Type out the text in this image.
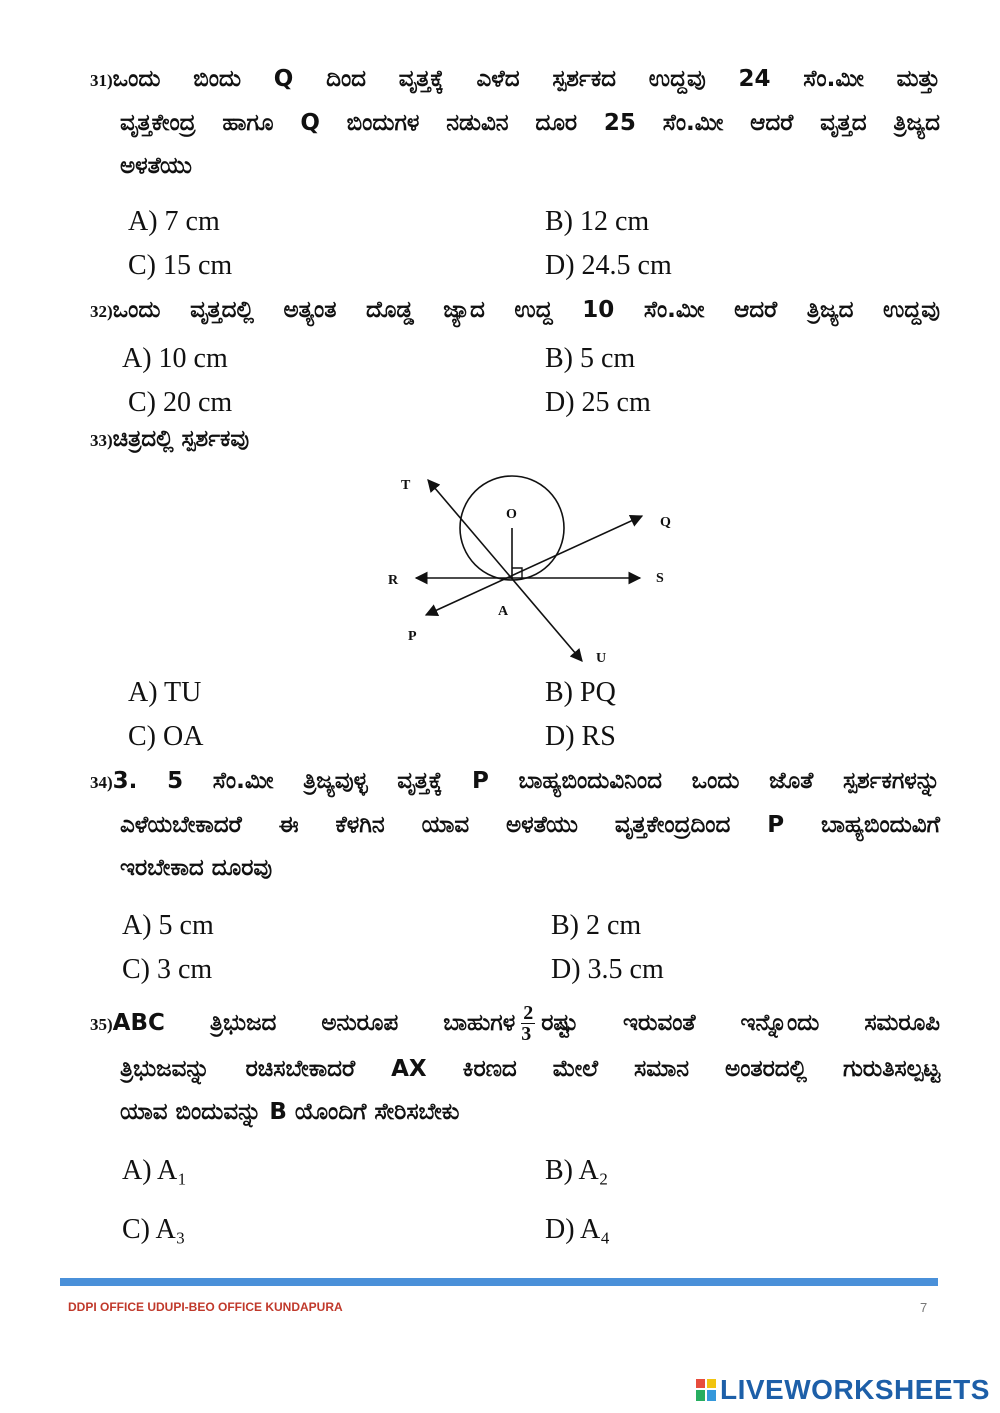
31)ಒಂದು ಬಿಂದು Q ದಿಂದ ವೃತ್ತಕ್ಕೆ ಎಳೆದ ಸ್ಪರ್ಶಕದ ಉದ್ದವು 24 ಸೆಂ.ಮೀ ಮತ್ತು
ವೃತ್ತಕೇಂದ್ರ ಹಾಗೂ Q ಬಿಂದುಗಳ ನಡುವಿನ ದೂರ 25 ಸೆಂ.ಮೀ ಆದರೆ ವೃತ್ತದ ತ್ರಿಜ್ಯದ
ಅಳತೆಯು
A) 7 cm	B) 12 cm
C) 15 cm	D) 24.5 cm
32)ಒಂದು ವೃತ್ತದಲ್ಲಿ ಅತ್ಯಂತ ದೊಡ್ಡ ಜ್ಯಾದ ಉದ್ದ 10 ಸೆಂ.ಮೀ ಆದರೆ ತ್ರಿಜ್ಯದ ಉದ್ದವು
A) 10 cm	B) 5 cm
C) 20 cm	D) 25 cm
33)ಚಿತ್ರದಲ್ಲಿ ಸ್ಪರ್ಶಕವು
T
O
Q
R	S
A
P
U
A) TU	B) PQ
C) OA	D) RS
34)3. 5 ಸೆಂ.ಮೀ ತ್ರಿಜ್ಯವುಳ್ಳ ವೃತ್ತಕ್ಕೆ P ಬಾಹ್ಯಬಿಂದುವಿನಿಂದ ಒಂದು ಜೊತೆ ಸ್ಪರ್ಶಕಗಳನ್ನು
ಎಳೆಯಬೇಕಾದರೆ ಈ ಕೆಳಗಿನ ಯಾವ ಅಳತೆಯು ವೃತ್ತಕೇಂದ್ರದಿಂದ P ಬಾಹ್ಯಬಿಂದುವಿಗೆ
ಇರಬೇಕಾದ ದೂರವು
A) 5 cm	B) 2 cm
C) 3 cm	D) 3.5 cm
35)ABC ತ್ರಿಭುಜದ ಅನುರೂಪ ಬಾಹುಗಳ $\frac{2}{3}$ ರಷ್ಟು ಇರುವಂತೆ ಇನ್ನೊಂದು ಸಮರೂಪಿ
ತ್ರಿಭುಜವನ್ನು ರಚಿಸಬೇಕಾದರೆ AX ಕಿರಣದ ಮೇಲೆ ಸಮಾನ ಅಂತರದಲ್ಲಿ ಗುರುತಿಸಲ್ಪಟ್ಟ
ಯಾವ ಬಿಂದುವನ್ನು B ಯೊಂದಿಗೆ ಸೇರಿಸಬೇಕು
A) A₁	B) A₂
C) A₃	D) A₄
DDPI OFFICE UDUPI-BEO OFFICE KUNDAPURA	7
LIVEWORKSHEETS
